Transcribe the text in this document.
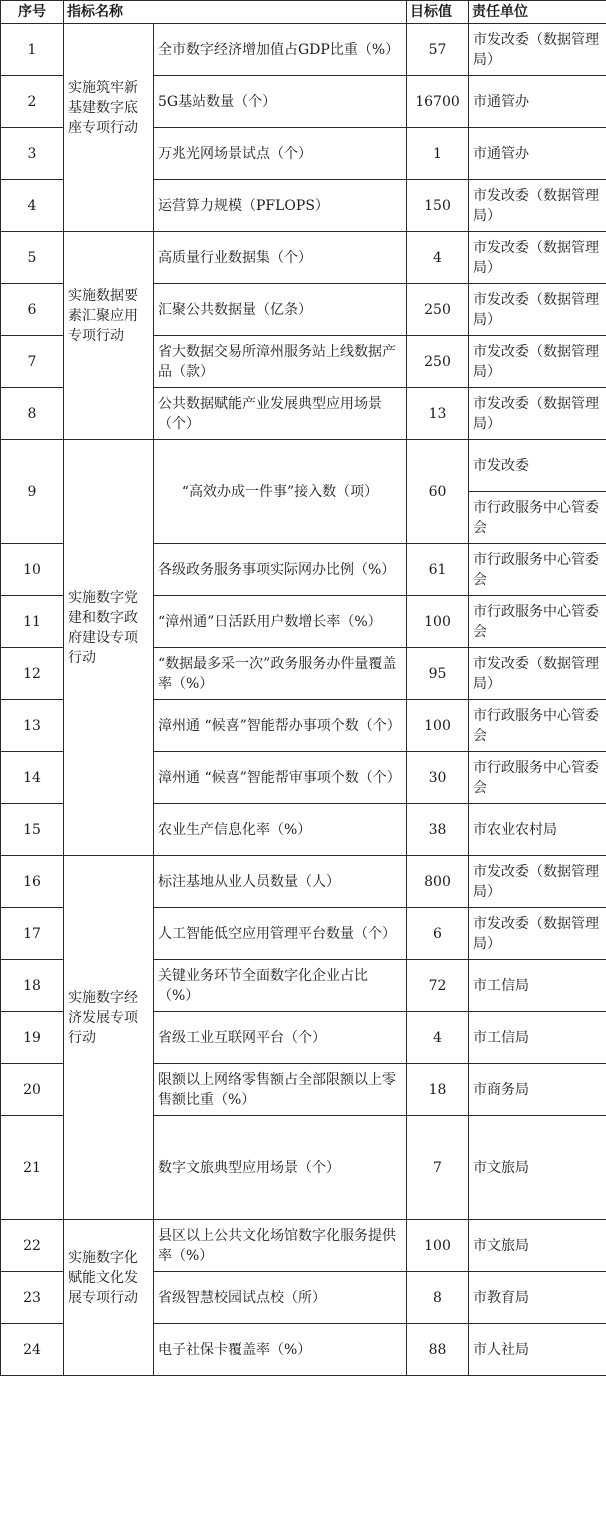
序号	指标名称		目标值	责任单位
1	实施筑牢新基建数字底座专项行动	全市数字经济增加值占GDP比重（%）	57	市发改委（数据管理局）
2		5G基站数量（个）	16700	市通管办
3		万兆光网场景试点（个）	1	市通管办
4		运营算力规模（PFLOPS）	150	市发改委（数据管理局）
5	实施数据要素汇聚应用专项行动	高质量行业数据集（个）	4	市发改委（数据管理局）
6		汇聚公共数据量（亿条）	250	市发改委（数据管理局）
7		省大数据交易所漳州服务站上线数据产品（款）	250	市发改委（数据管理局）
8		公共数据赋能产业发展典型应用场景（个）	13	市发改委（数据管理局）
9	实施数字党建和数字政府建设专项行动	“高效办成一件事”接入数（项）	60	市发改委
				市行政服务中心管委会
10		各级政务服务事项实际网办比例（%）	61	市行政服务中心管委会
11		“漳州通”日活跃用户数增长率（%）	100	市行政服务中心管委会
12		“数据最多采一次”政务服务办件量覆盖率（%）	95	市发改委（数据管理局）
13		漳州通 “候喜”智能帮办事项个数（个）	100	市行政服务中心管委会
14		漳州通 “候喜”智能帮审事项个数（个）	30	市行政服务中心管委会
15		农业生产信息化率（%）	38	市农业农村局
16	实施数字经济发展专项行动	标注基地从业人员数量（人）	800	市发改委（数据管理局）
17		人工智能低空应用管理平台数量（个）	6	市发改委（数据管理局）
18		关键业务环节全面数字化企业占比（%）	72	市工信局
19		省级工业互联网平台（个）	4	市工信局
20		限额以上网络零售额占全部限额以上零售额比重（%）	18	市商务局
21		数字文旅典型应用场景（个）	7	市文旅局
22	实施数字化赋能文化发展专项行动	县区以上公共文化场馆数字化服务提供率（%）	100	市文旅局
23		省级智慧校园试点校（所）	8	市教育局
24		电子社保卡覆盖率（%）	88	市人社局
